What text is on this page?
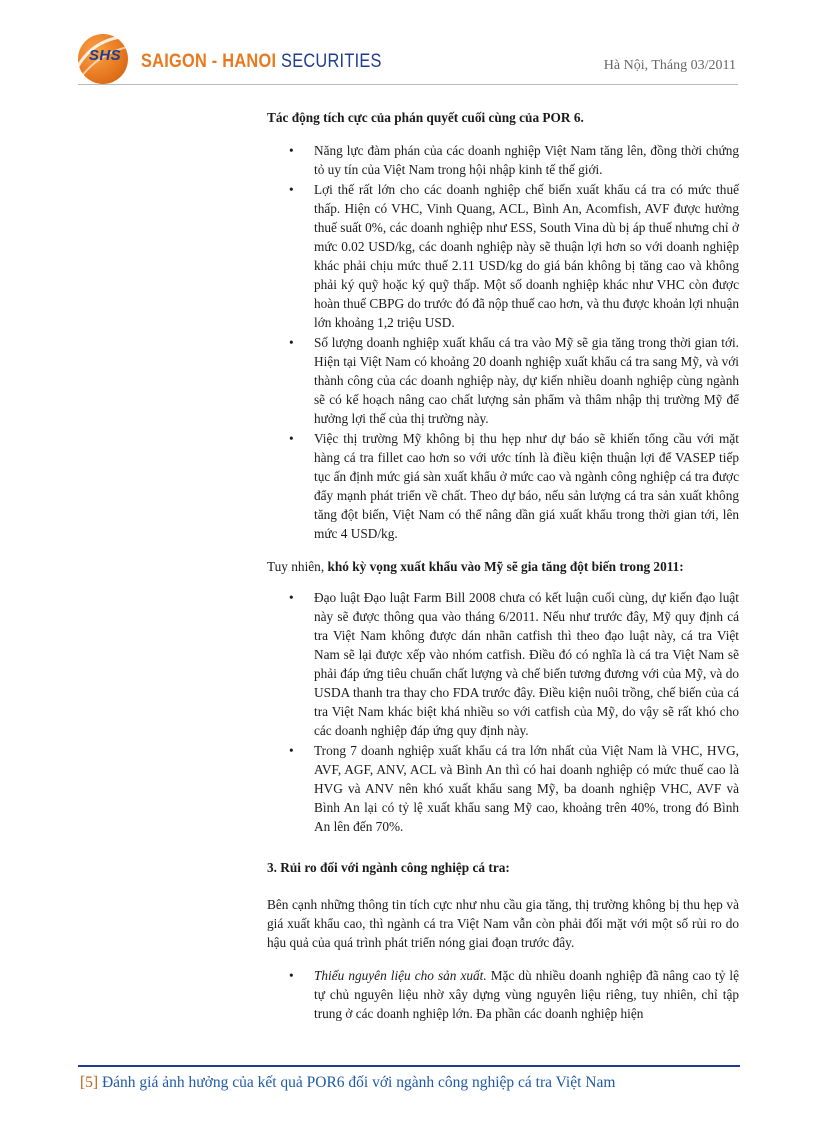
SHS	SAIGON - HANOI SECURITIES	Hà Nội, Tháng 03/2011

Tác động tích cực của phán quyết cuối cùng của POR 6.

• Năng lực đàm phán của các doanh nghiệp Việt Nam tăng lên, đồng thời chứng tỏ uy tín của Việt Nam trong hội nhập kinh tế thế giới.
• Lợi thế rất lớn cho các doanh nghiệp chế biến xuất khẩu cá tra có mức thuế thấp. Hiện có VHC, Vinh Quang, ACL, Bình An, Acomfish, AVF được hưởng thuế suất 0%, các doanh nghiệp như ESS, South Vina dù bị áp thuế nhưng chỉ ở mức 0.02 USD/kg, các doanh nghiệp này sẽ thuận lợi hơn so với doanh nghiệp khác phải chịu mức thuế 2.11 USD/kg do giá bán không bị tăng cao và không phải ký quỹ hoặc ký quỹ thấp. Một số doanh nghiệp khác như VHC còn được hoàn thuế CBPG do trước đó đã nộp thuế cao hơn, và thu được khoản lợi nhuận lớn khoảng 1,2 triệu USD.
• Số lượng doanh nghiệp xuất khẩu cá tra vào Mỹ sẽ gia tăng trong thời gian tới. Hiện tại Việt Nam có khoảng 20 doanh nghiệp xuất khẩu cá tra sang Mỹ, và với thành công của các doanh nghiệp này, dự kiến nhiều doanh nghiệp cùng ngành sẽ có kế hoạch nâng cao chất lượng sản phẩm và thâm nhập thị trường Mỹ để hưởng lợi thế của thị trường này.
• Việc thị trường Mỹ không bị thu hẹp như dự báo sẽ khiến tổng cầu với mặt hàng cá tra fillet cao hơn so với ước tính là điều kiện thuận lợi để VASEP tiếp tục ấn định mức giá sàn xuất khẩu ở mức cao và ngành công nghiệp cá tra được đẩy mạnh phát triển về chất. Theo dự báo, nếu sản lượng cá tra sản xuất không tăng đột biến, Việt Nam có thể nâng dần giá xuất khẩu trong thời gian tới, lên mức 4 USD/kg.

Tuy nhiên, khó kỳ vọng xuất khẩu vào Mỹ sẽ gia tăng đột biến trong 2011:

• Đạo luật Đạo luật Farm Bill 2008 chưa có kết luận cuối cùng, dự kiến đạo luật này sẽ được thông qua vào tháng 6/2011. Nếu như trước đây, Mỹ quy định cá tra Việt Nam không được dán nhãn catfish thì theo đạo luật này, cá tra Việt Nam sẽ lại được xếp vào nhóm catfish. Điều đó có nghĩa là cá tra Việt Nam sẽ phải đáp ứng tiêu chuẩn chất lượng và chế biến tương đương với của Mỹ, và do USDA thanh tra thay cho FDA trước đây. Điều kiện nuôi trồng, chế biến của cá tra Việt Nam khác biệt khá nhiều so với catfish của Mỹ, do vậy sẽ rất khó cho các doanh nghiệp đáp ứng quy định này.
• Trong 7 doanh nghiệp xuất khẩu cá tra lớn nhất của Việt Nam là VHC, HVG, AVF, AGF, ANV, ACL và Bình An thì có hai doanh nghiệp có mức thuế cao là HVG và ANV nên khó xuất khẩu sang Mỹ, ba doanh nghiệp VHC, AVF và Bình An lại có tỷ lệ xuất khẩu sang Mỹ cao, khoảng trên 40%, trong đó Bình An lên đến 70%.

3. Rủi ro đối với ngành công nghiệp cá tra:

Bên cạnh những thông tin tích cực như nhu cầu gia tăng, thị trường không bị thu hẹp và giá xuất khẩu cao, thì ngành cá tra Việt Nam vẫn còn phải đối mặt với một số rủi ro do hậu quả của quá trình phát triển nóng giai đoạn trước đây.

• Thiếu nguyên liệu cho sản xuất. Mặc dù nhiều doanh nghiệp đã nâng cao tỷ lệ tự chủ nguyên liệu nhờ xây dựng vùng nguyên liệu riêng, tuy nhiên, chỉ tập trung ở các doanh nghiệp lớn. Đa phần các doanh nghiệp hiện
[5] Đánh giá ảnh hưởng của kết quả POR6 đối với ngành công nghiệp cá tra Việt Nam
